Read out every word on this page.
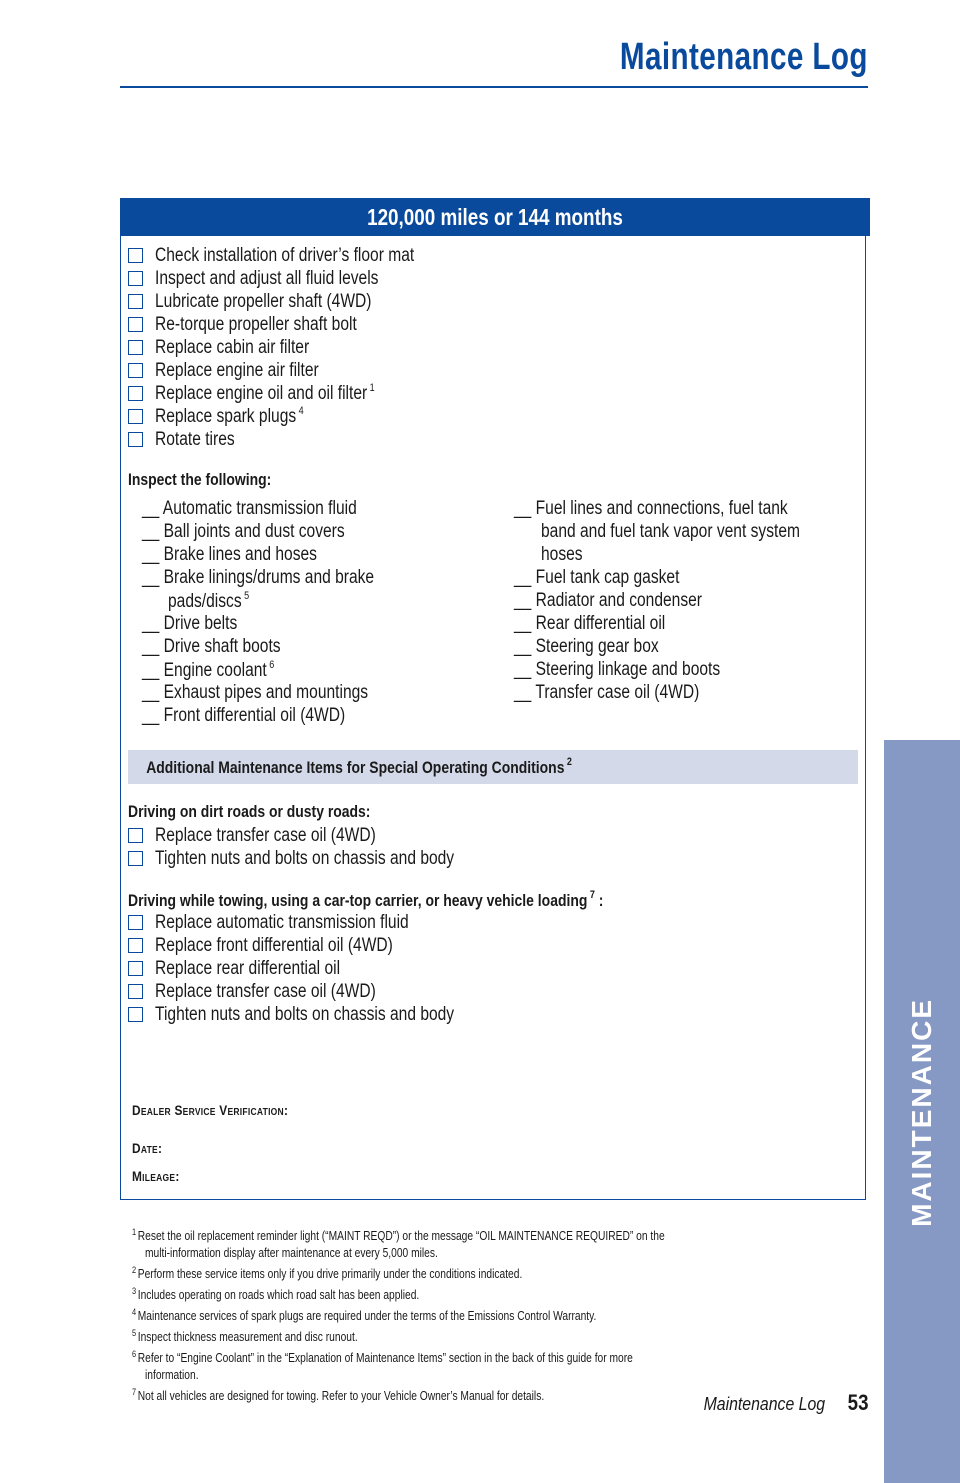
Maintenance Log
MAINTENANCE
120,000 miles or 144 months
Check installation of driver’s floor mat
Inspect and adjust all fluid levels
Lubricate propeller shaft (4WD)
Re-torque propeller shaft bolt
Replace cabin air filter
Replace engine air filter
Replace engine oil and oil filter $^1$
Replace spark plugs $^4$
Rotate tires
Inspect the following:
__ Automatic transmission fluid
__ Ball joints and dust covers
__ Brake lines and hoses
__ Brake linings/drums and brake
pads/discs $^5$
__ Drive belts
__ Drive shaft boots
__ Engine coolant $^6$
__ Exhaust pipes and mountings
__ Front differential oil (4WD)
__ Fuel lines and connections, fuel tank
band and fuel tank vapor vent system
hoses
__ Fuel tank cap gasket
__ Radiator and condenser
__ Rear differential oil
__ Steering gear box
__ Steering linkage and boots
__ Transfer case oil (4WD)
Additional Maintenance Items for Special Operating Conditions $^2$
Driving on dirt roads or dusty roads:
Replace transfer case oil (4WD)
Tighten nuts and bolts on chassis and body
Driving while towing, using a car-top carrier, or heavy vehicle loading $^7$ :
Replace automatic transmission fluid
Replace front differential oil (4WD)
Replace rear differential oil
Replace transfer case oil (4WD)
Tighten nuts and bolts on chassis and body
Dealer Service Verification:
Date:
Mileage:
$^1$ Reset the oil replacement reminder light (“MAINT REQD”) or the message “OIL MAINTENANCE REQUIRED” on the
multi-information display after maintenance at every 5,000 miles.
$^2$ Perform these service items only if you drive primarily under the conditions indicated.
$^3$ Includes operating on roads which road salt has been applied.
$^4$ Maintenance services of spark plugs are required under the terms of the Emissions Control Warranty.
$^5$ Inspect thickness measurement and disc runout.
$^6$ Refer to “Engine Coolant” in the “Explanation of Maintenance Items” section in the back of this guide for more
information.
$^7$ Not all vehicles are designed for towing. Refer to your Vehicle Owner’s Manual for details.	Maintenance Log 53
